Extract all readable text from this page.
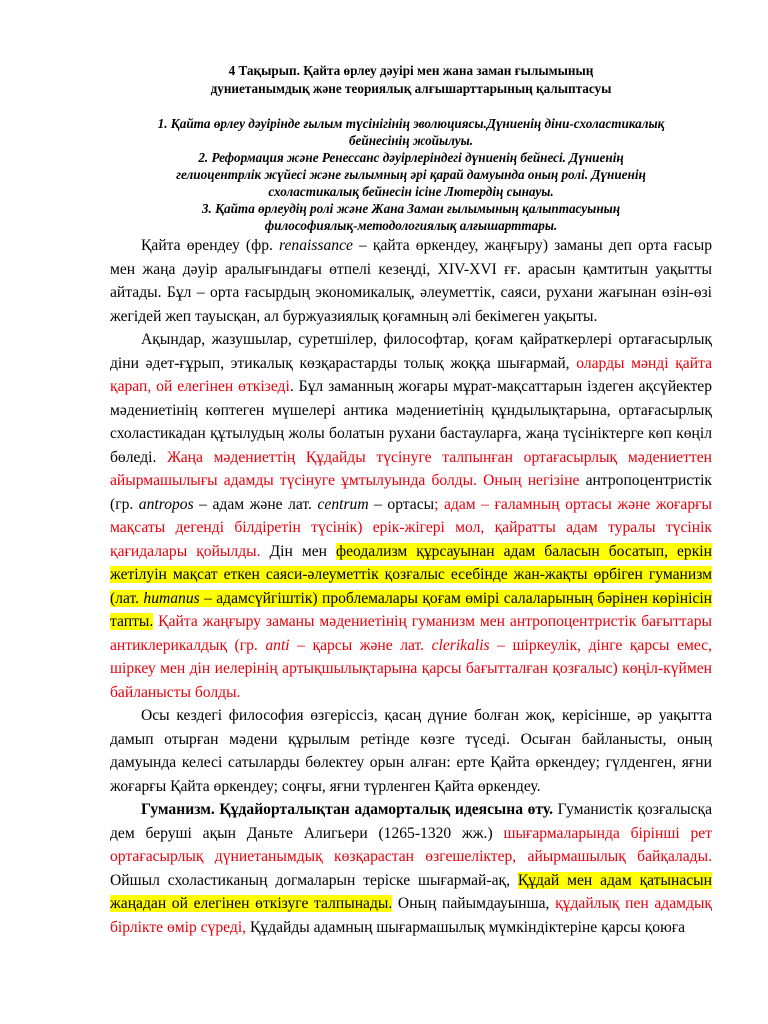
4 Тақырып. Қайта өрлеу дәуірі мен жана заман ғылымының
дуниетанымдық және теориялық алғышарттарының қалыптасуы

1. Қайта өрлеу дәуірінде ғылым түсінігінің эволюциясы.Дүниенің діни-схоластикалық

бейнесінің жойылуы.

2. Реформация және Ренессанс дәуірлеріндегі дүниенің бейнесі. Дүниенің

гелиоцентрлік жүйесі және ғылымның әрі қарай дамуында оның ролі. Дүниенің

схоластикалық бейнесін ісіне Лютердің сынауы.

3. Қайта өрлеудің ролі және Жана Заман ғылымының қалыптасуының

философиялық-методологиялық алғышарттары.

Қайта өрендеу (фр. renaissance – қайта өркендеу, жаңғыру) заманы деп орта ғасыр мен жаңа дәуір аралығындағы өтпелі кезеңді, XIV-XVI ғғ. арасын қамтитын уақытты айтады. Бұл – орта ғасырдың экономикалық, әлеуметтік, саяси, рухани жағынан өзін-өзі жегідей жеп тауысқан, ал буржуазиялық қоғамның әлі бекімеген уақыты.

Ақындар, жазушылар, суретшілер, философтар, қоғам қайраткерлері ортағасырлық діни әдет-ғұрып, этикалық көзқарастарды толық жоққа шығармай, оларды мәнді қайта қарап, ой елегінен өткізеді. Бұл заманның жоғары мұрат-мақсаттарын іздеген ақсүйектер мәдениетінің көптеген мүшелері антика мәдениетінің құндылықтарына, ортағасырлық схоластикадан құтылудың жолы болатын рухани бастауларға, жаңа түсініктерге көп көңіл бөледі. Жаңа мәдениеттің Құдайды түсінуге талпынған ортағасырлық мәдениеттен айырмашылығы адамды түсінуге ұмтылуында болды. Оның негізіне антропоцентристік (гр. antropos – адам және лат. centrum – ортасы; адам – ғаламның ортасы және жоғарғы мақсаты дегенді білдіретін түсінік) ерік-жігері мол, қайратты адам туралы түсінік қағидалары қойылды. Дін мен феодализм құрсауынан адам баласын босатып, еркін жетілуін мақсат еткен саяси-әлеуметтік қозғалыс есебінде жан-жақты өрбіген гуманизм (лат. humanus – адамсүйгіштік) проблемалары қоғам өмірі салаларының бәрінен көрінісін тапты. Қайта жаңғыру заманы мәдениетінің гуманизм мен антропоцентристік бағыттары антиклерикалдық (гр. anti – қарсы және лат. clerikalis – шіркеулік, дінге қарсы емес, шіркеу мен дін иелерінің артықшылықтарына қарсы бағытталған қозғалыс) көңіл-күймен байланысты болды.

Осы кездегі философия өзгеріссіз, қасаң дүние болған жоқ, керісінше, әр уақытта дамып отырған мәдени құрылым ретінде көзге түседі. Осыған байланысты, оның дамуында келесі сатыларды бөлектеу орын алған: ерте Қайта өркендеу; гүлденген, яғни жоғарғы Қайта өркендеу; соңғы, яғни түрленген Қайта өркендеу.

Гуманизм. Құдайорталықтан адаморталық идеясына өту. Гуманистік қозғалысқа дем беруші ақын Даньте Алигьери (1265-1320 жж.) шығармаларында бірінші рет ортағасырлық дүниетанымдық көзқарастан өзгешеліктер, айырмашылық байқалады. Ойшыл схоластиканың догмаларын теріске шығармай-ақ, Құдай мен адам қатынасын жаңадан ой елегінен өткізуге талпынады. Оның пайымдауынша, құдайлық пен адамдық бірлікте өмір сүреді, Құдайды адамның шығармашылық мүмкіндіктеріне қарсы қоюға
